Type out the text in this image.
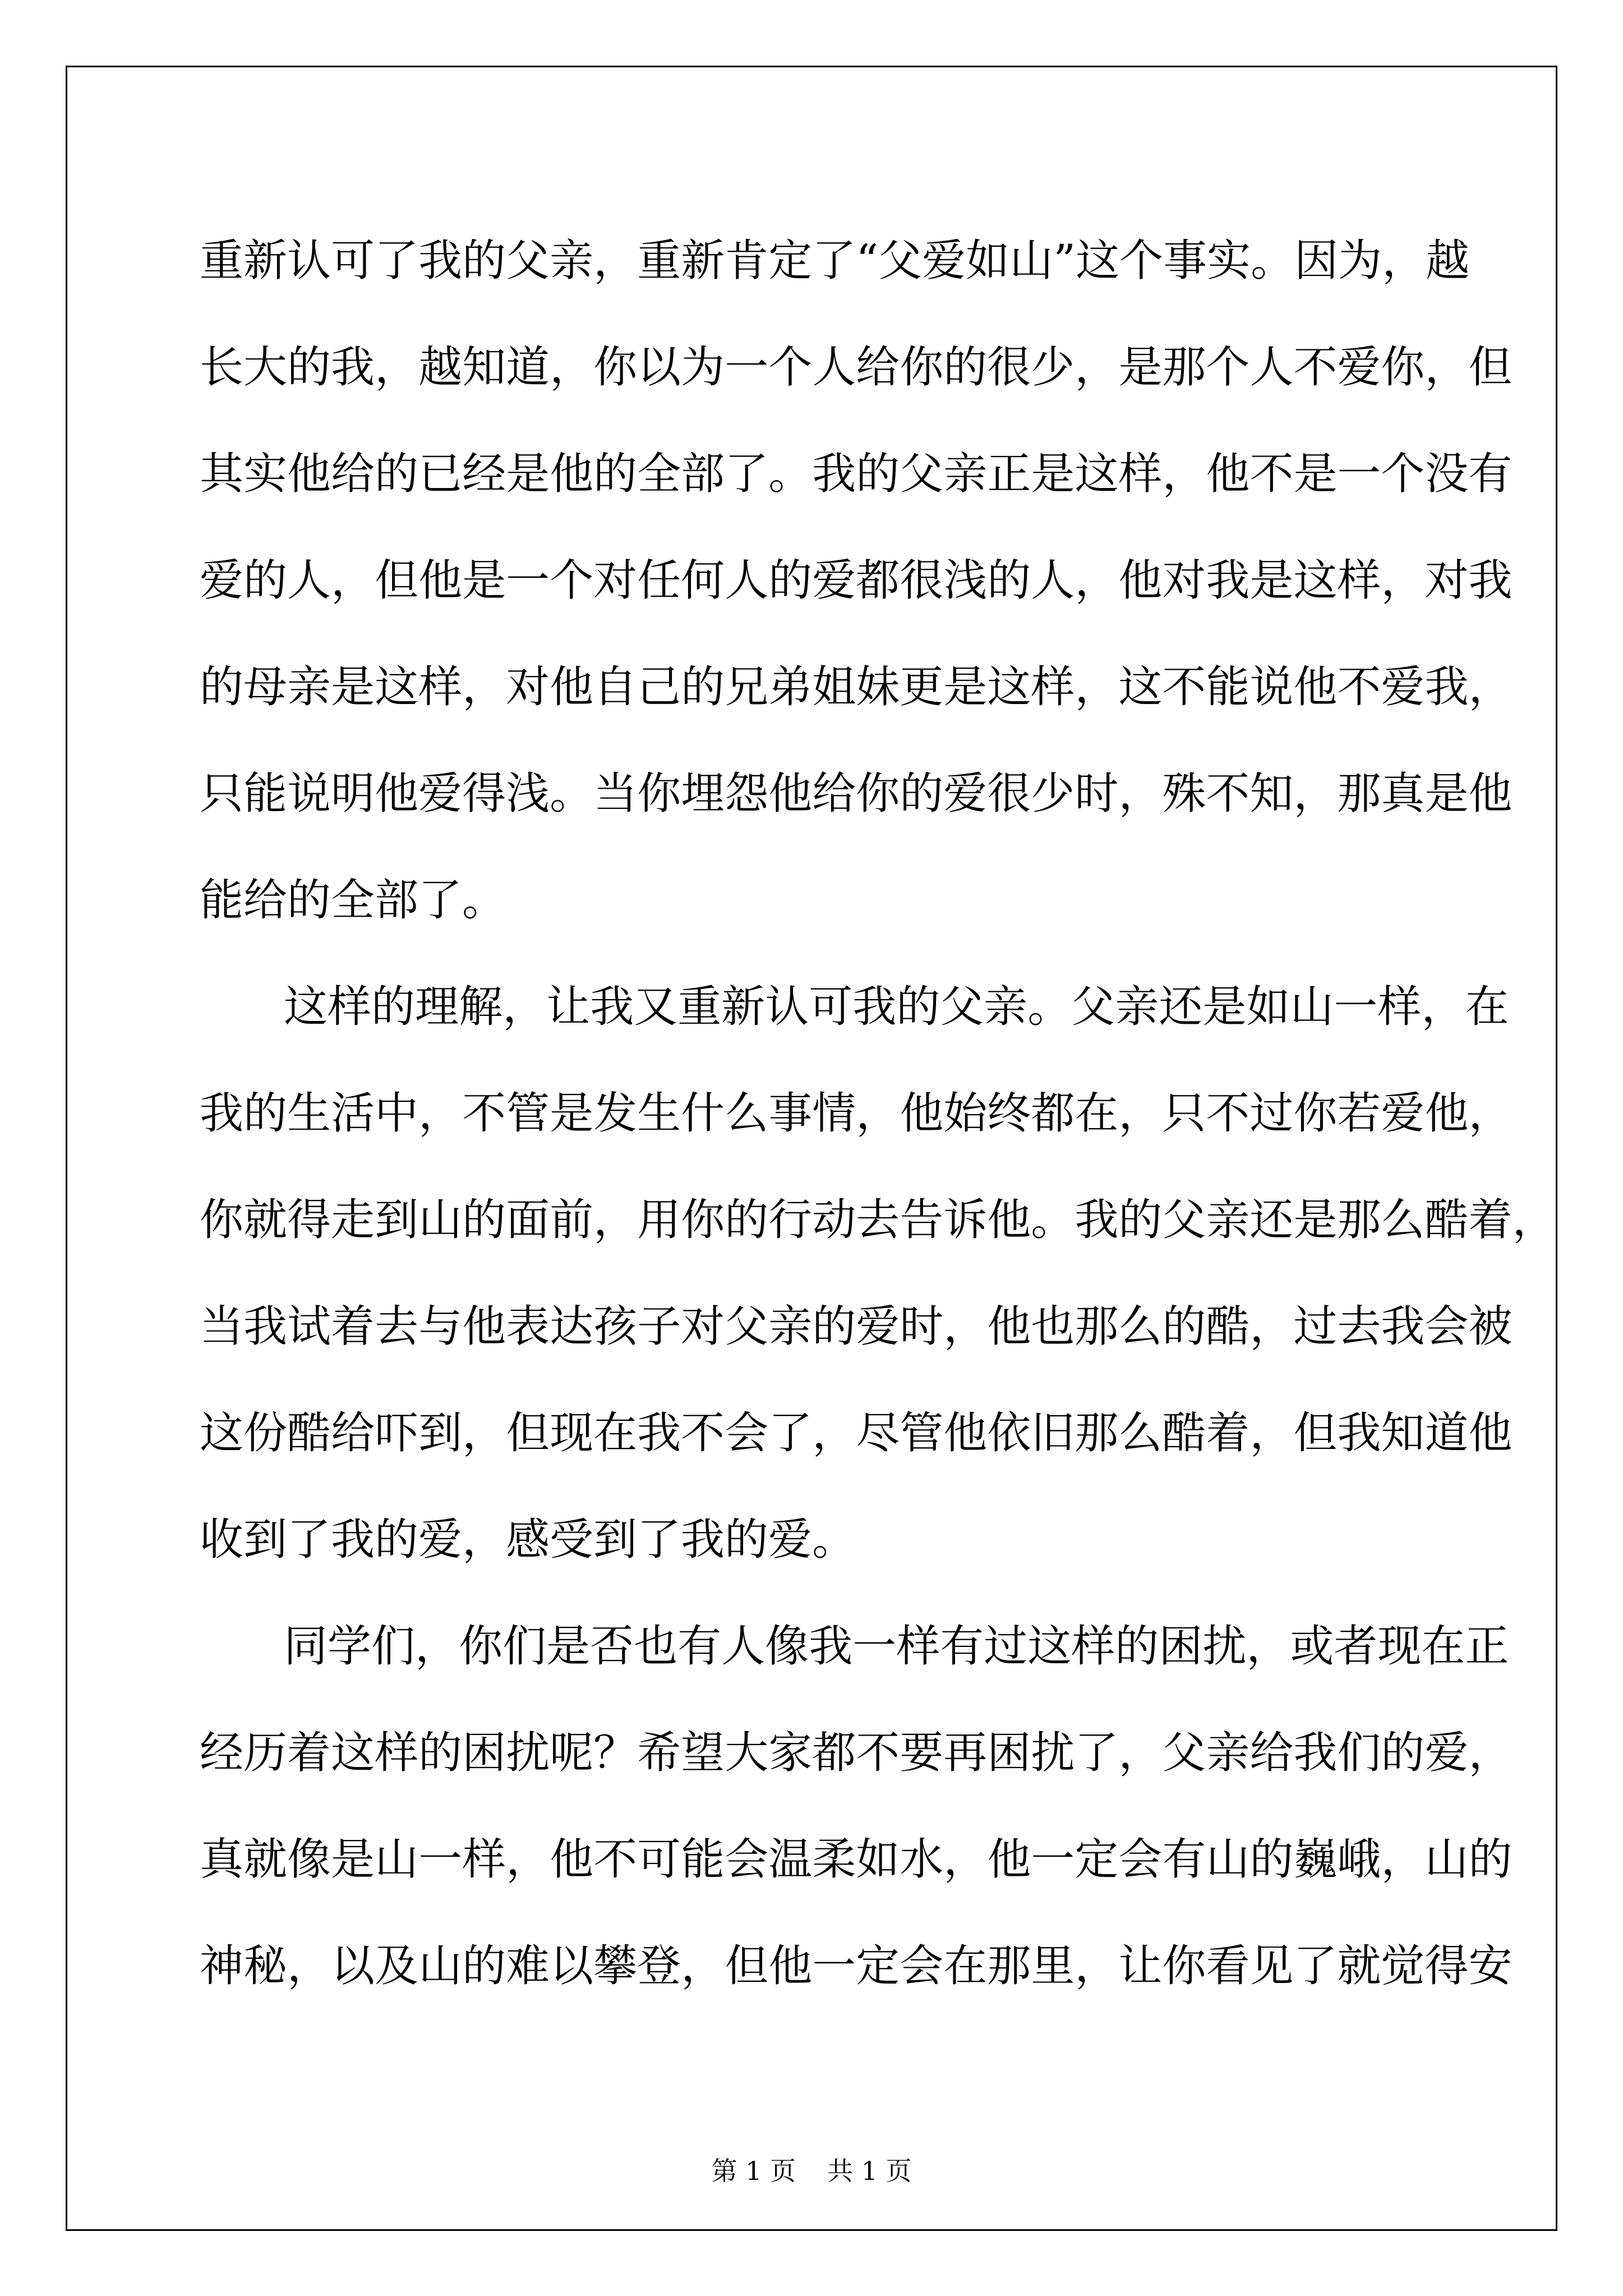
重 新 认 可 了 我 的 父 亲 ， 重 新 肯 定 了 “ 父 爱 如 山 ” 这 个 事 实 。 因 为 ， 越
长 大 的 我 ， 越 知 道 ， 你 以 为 一 个 人 给 你 的 很 少 ， 是 那 个 人 不 爱 你 ， 但
其 实 他 给 的 已 经 是 他 的 全 部 了 。 我 的 父 亲 正 是 这 样 ， 他 不 是 一 个 没 有
爱 的 人 ， 但 他 是 一 个 对 任 何 人 的 爱 都 很 浅 的 人 ， 他 对 我 是 这 样 ， 对 我
的 母 亲 是 这 样 ， 对 他 自 己 的 兄 弟 姐 妹 更 是 这 样 ， 这 不 能 说 他 不 爱 我 ，
只 能 说 明 他 爱 得 浅 。 当 你 埋 怨 他 给 你 的 爱 很 少 时 ， 殊 不 知 ， 那 真 是 他
能给的全部了。
这 样 的 理 解 ， 让 我 又 重 新 认 可 我 的 父 亲 。 父 亲 还 是 如 山 一 样 ， 在
我 的 生 活 中 ， 不 管 是 发 生 什 么 事 情 ， 他 始 终 都 在 ， 只 不 过 你 若 爱 他 ，
你 就 得 走 到 山 的 面 前 ， 用 你 的 行 动 去 告 诉 他 。 我 的 父 亲 还 是 那 么 酷 着 ，
当 我 试 着 去 与 他 表 达 孩 子 对 父 亲 的 爱 时 ， 他 也 那 么 的 酷 ， 过 去 我 会 被
这 份 酷 给 吓 到 ， 但 现 在 我 不 会 了 ， 尽 管 他 依 旧 那 么 酷 着 ， 但 我 知 道 他
收到了我的爱，感受到了我的爱。
同 学 们 ， 你 们 是 否 也 有 人 像 我 一 样 有 过 这 样 的 困 扰 ， 或 者 现 在 正
经 历 着 这 样 的 困 扰 呢 ？ 希 望 大 家 都 不 要 再 困 扰 了 ， 父 亲 给 我 们 的 爱 ，
真 就 像 是 山 一 样 ， 他 不 可 能 会 温 柔 如 水 ， 他 一 定 会 有 山 的 巍 峨 ， 山 的
神 秘 ， 以 及 山 的 难 以 攀 登 ， 但 他 一 定 会 在 那 里 ， 让 你 看 见 了 就 觉 得 安
第 1 页 共 1 页
